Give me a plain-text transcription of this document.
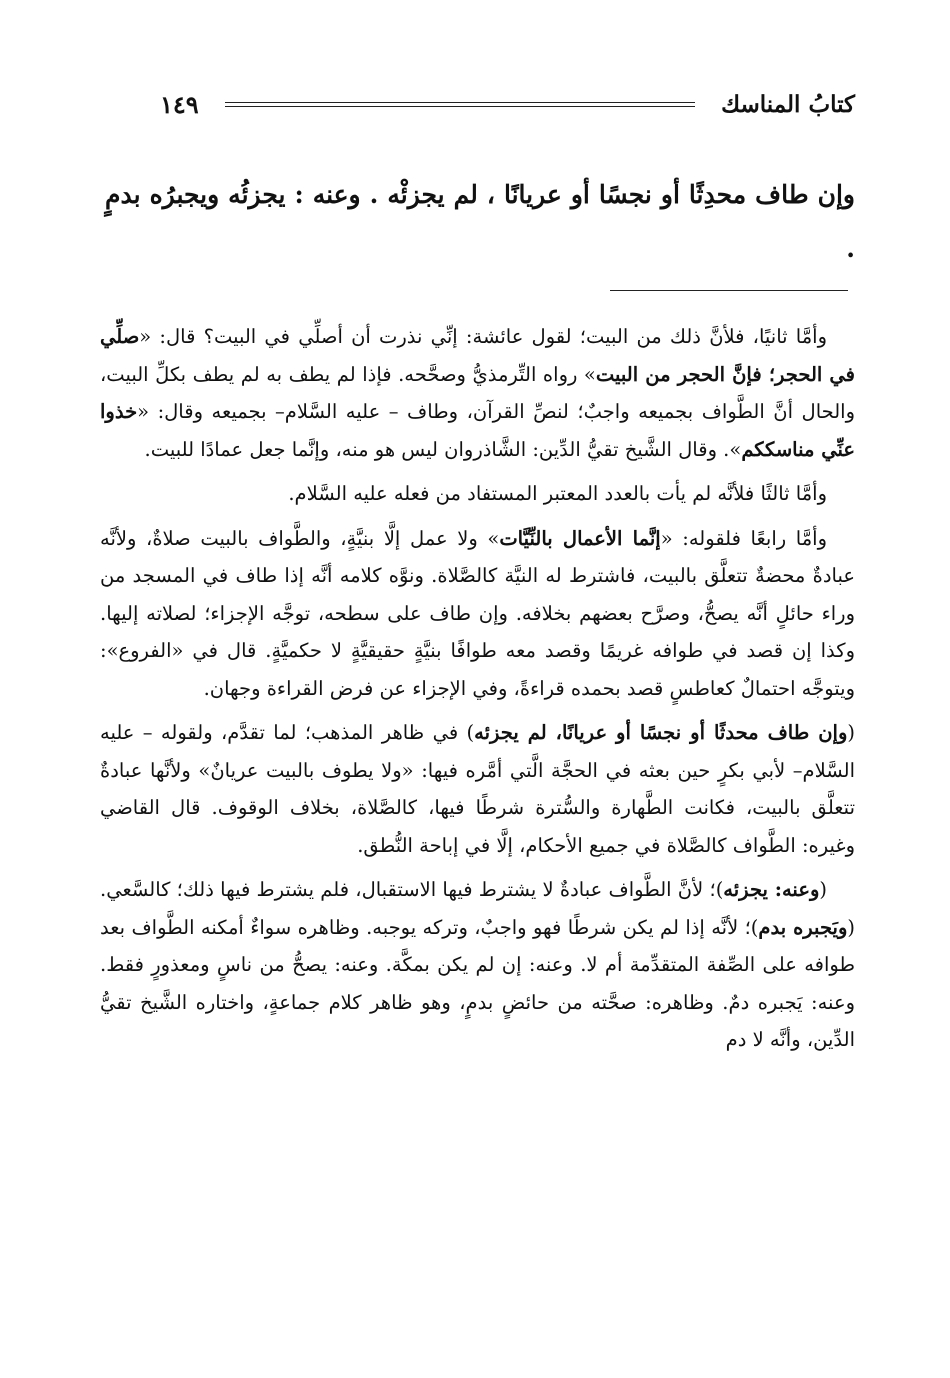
كتابُ المناسك
١٤٩
وإن طاف محدِثًا أو نجسًا أو عريانًا ، لم يجزئْه . وعنه : يجزئُه ويجبرُه بدمٍ .

وأمَّا ثانيًا، فلأنَّ ذلك من البيت؛ لقول عائشة: إنِّي نذرت أن أصلِّي في البيت؟ قال: «صلِّي في الحجر؛ فإنَّ الحجر من البيت» رواه التِّرمذيُّ وصحَّحه. فإذا لم يطف به لم يطف بكلِّ البيت، والحال أنَّ الطَّواف بجميعه واجبٌ؛ لنصِّ القرآن، وطاف – عليه السَّلام– بجميعه وقال: «خذوا عنِّي مناسككم». وقال الشَّيخ تقيُّ الدِّين: الشَّاذروان ليس هو منه، وإنَّما جعل عمادًا للبيت.

وأمَّا ثالثًا فلأنَّه لم يأت بالعدد المعتبر المستفاد من فعله عليه السَّلام.

وأمَّا رابعًا فلقوله: «إنَّما الأعمال بالنِّيَّات» ولا عمل إلَّا بنيَّةٍ، والطَّواف بالبيت صلاةٌ، ولأنَّه عبادةٌ محضةٌ تتعلَّق بالبيت، فاشترط له النيَّة كالصَّلاة. ونوَّه كلامه أنَّه إذا طاف في المسجد من وراء حائلٍ أنَّه يصحُّ، وصرَّح بعضهم بخلافه. وإن طاف على سطحه، توجَّه الإجزاء؛ لصلاته إليها. وكذا إن قصد في طوافه غريمًا وقصد معه طوافًا بنيَّةٍ حقيقيَّةٍ لا حكميَّةٍ. قال في «الفروع»: ويتوجَّه احتمالٌ كعاطسٍ قصد بحمده قراءةً، وفي الإجزاء عن فرض القراءة وجهان.

(وإن طاف محدثًا أو نجسًا أو عريانًا، لم يجزئه) في ظاهر المذهب؛ لما تقدَّم، ولقوله – عليه السَّلام– لأبي بكرٍ حين بعثه في الحجَّة الَّتي أمَّره فيها: «ولا يطوف بالبيت عريانٌ» ولأنَّها عبادةٌ تتعلَّق بالبيت، فكانت الطَّهارة والسُّترة شرطًا فيها، كالصَّلاة، بخلاف الوقوف. قال القاضي وغيره: الطَّواف كالصَّلاة في جميع الأحكام، إلَّا في إباحة النُّطق.

(وعنه: يجزئه)؛ لأنَّ الطَّواف عبادةٌ لا يشترط فيها الاستقبال، فلم يشترط فيها ذلك؛ كالسَّعي. (ويَجبره بدم)؛ لأنَّه إذا لم يكن شرطًا فهو واجبٌ، وتركه يوجبه. وظاهره سواءٌ أمكنه الطَّواف بعد طوافه على الصِّفة المتقدِّمة أم لا. وعنه: إن لم يكن بمكَّة. وعنه: يصحُّ من ناسٍ ومعذورٍ فقط. وعنه: يَجبره دمٌ. وظاهره: صحَّته من حائضٍ بدمٍ، وهو ظاهر كلام جماعةٍ، واختاره الشَّيخ تقيُّ الدِّين، وأنَّه لا دم
